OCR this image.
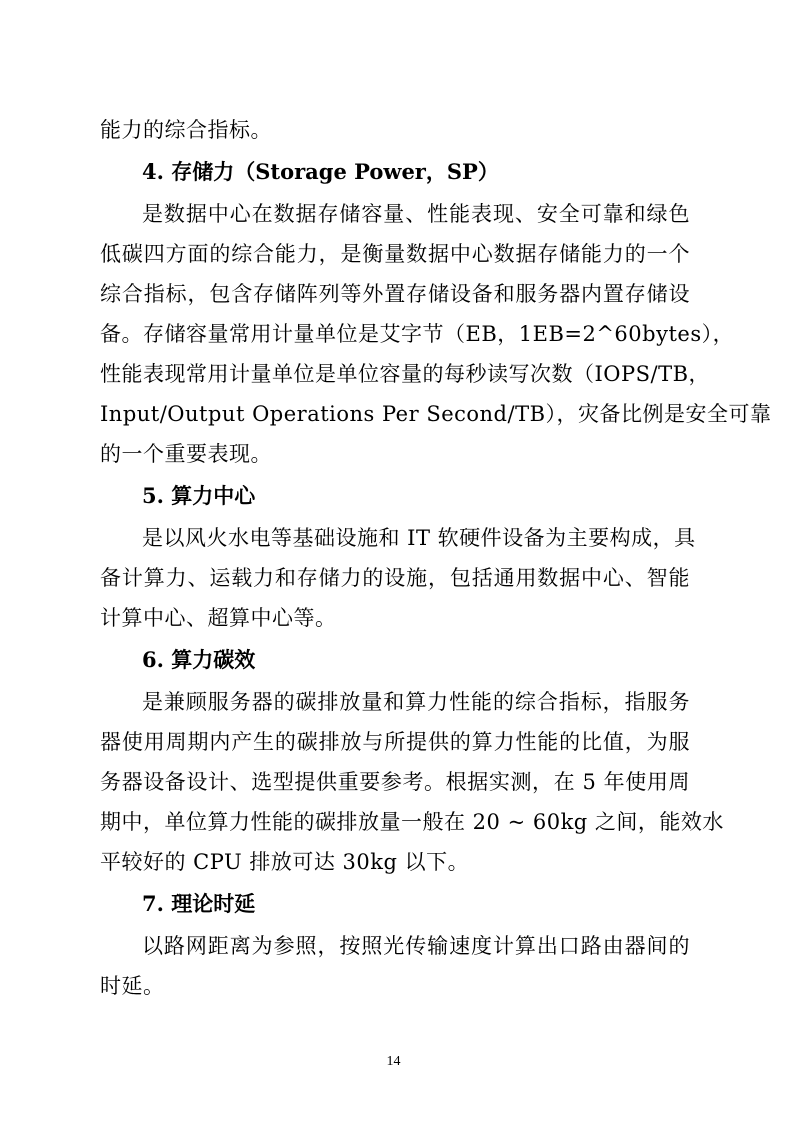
能力的综合指标。
4. 存储力（Storage Power，SP）
是数据中心在数据存储容量、性能表现、安全可靠和绿色
低碳四方面的综合能力，是衡量数据中心数据存储能力的一个
综合指标，包含存储阵列等外置存储设备和服务器内置存储设
备。存储容量常用计量单位是艾字节（EB，1EB=2^60bytes），
性能表现常用计量单位是单位容量的每秒读写次数（IOPS/TB，
Input/Output Operations Per Second/TB），灾备比例是安全可靠
的一个重要表现。
5. 算力中心
是以风火水电等基础设施和 IT 软硬件设备为主要构成，具
备计算力、运载力和存储力的设施，包括通用数据中心、智能
计算中心、超算中心等。
6. 算力碳效
是兼顾服务器的碳排放量和算力性能的综合指标，指服务
器使用周期内产生的碳排放与所提供的算力性能的比值，为服
务器设备设计、选型提供重要参考。根据实测，在 5 年使用周
期中，单位算力性能的碳排放量一般在 20 ~ 60kg 之间，能效水
平较好的 CPU 排放可达 30kg 以下。
7. 理论时延
以路网距离为参照，按照光传输速度计算出口路由器间的
时延。
14
